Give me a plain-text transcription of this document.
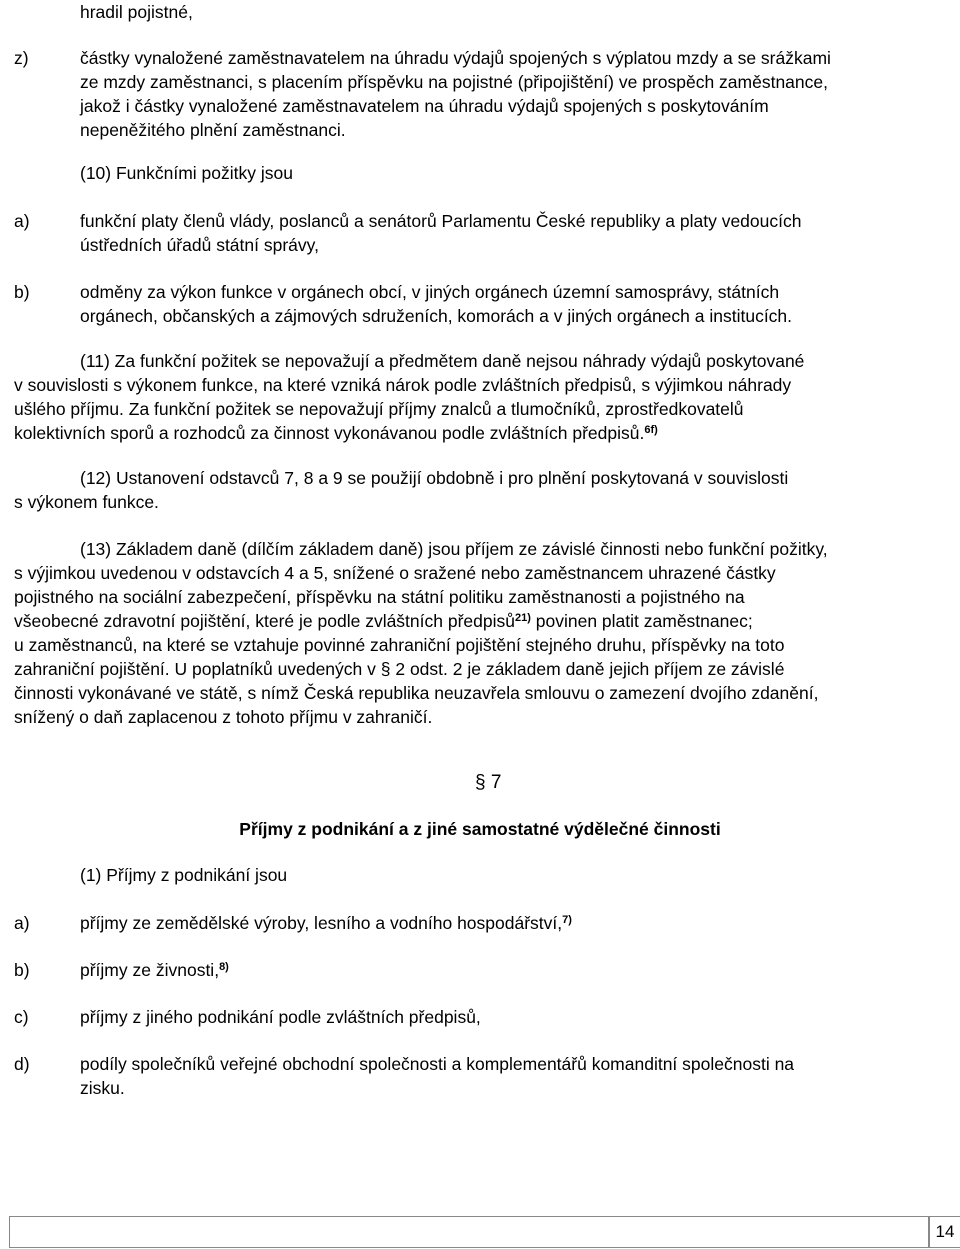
hradil pojistné,
z)	částky vynaložené zaměstnavatelem na úhradu výdajů spojených s výplatou mzdy a se srážkami
ze mzdy zaměstnanci, s placením příspěvku na pojistné (připojištění) ve prospěch zaměstnance,
jakož i částky vynaložené zaměstnavatelem na úhradu výdajů spojených s poskytováním
nepeněžitého plnění zaměstnanci.
(10) Funkčními požitky jsou
a)	funkční platy členů vlády, poslanců a senátorů Parlamentu České republiky a platy vedoucích
ústředních úřadů státní správy,
b)	odměny za výkon funkce v orgánech obcí, v jiných orgánech územní samosprávy, státních
orgánech, občanských a zájmových sdruženích, komorách a v jiných orgánech a institucích.
(11) Za funkční požitek se nepovažují a předmětem daně nejsou náhrady výdajů poskytované
v souvislosti s výkonem funkce, na které vzniká nárok podle zvláštních předpisů, s výjimkou náhrady
ušlého příjmu. Za funkční požitek se nepovažují příjmy znalců a tlumočníků, zprostředkovatelů
kolektivních sporů a rozhodců za činnost vykonávanou podle zvláštních předpisů.$^{6f)}$
(12) Ustanovení odstavců 7, 8 a 9 se použijí obdobně i pro plnění poskytovaná v souvislosti
s výkonem funkce.
(13) Základem daně (dílčím základem daně) jsou příjem ze závislé činnosti nebo funkční požitky,
s výjimkou uvedenou v odstavcích 4 a 5, snížené o sražené nebo zaměstnancem uhrazené částky
pojistného na sociální zabezpečení, příspěvku na státní politiku zaměstnanosti a pojistného na
všeobecné zdravotní pojištění, které je podle zvláštních předpisů$^{21)}$ povinen platit zaměstnanec;
u zaměstnanců, na které se vztahuje povinné zahraniční pojištění stejného druhu, příspěvky na toto
zahraniční pojištění. U poplatníků uvedených v § 2 odst. 2 je základem daně jejich příjem ze závislé
činnosti vykonávané ve státě, s nímž Česká republika neuzavřela smlouvu o zamezení dvojího zdanění,
snížený o daň zaplacenou z tohoto příjmu v zahraničí.
§ 7
Příjmy z podnikání a z jiné samostatné výdělečné činnosti
(1) Příjmy z podnikání jsou
a)	příjmy ze zemědělské výroby, lesního a vodního hospodářství,$^{7)}$
b)	příjmy ze živnosti,$^{8)}$
c)	příjmy z jiného podnikání podle zvláštních předpisů,
d)	podíly společníků veřejné obchodní společnosti a komplementářů komanditní společnosti na
zisku.
14
